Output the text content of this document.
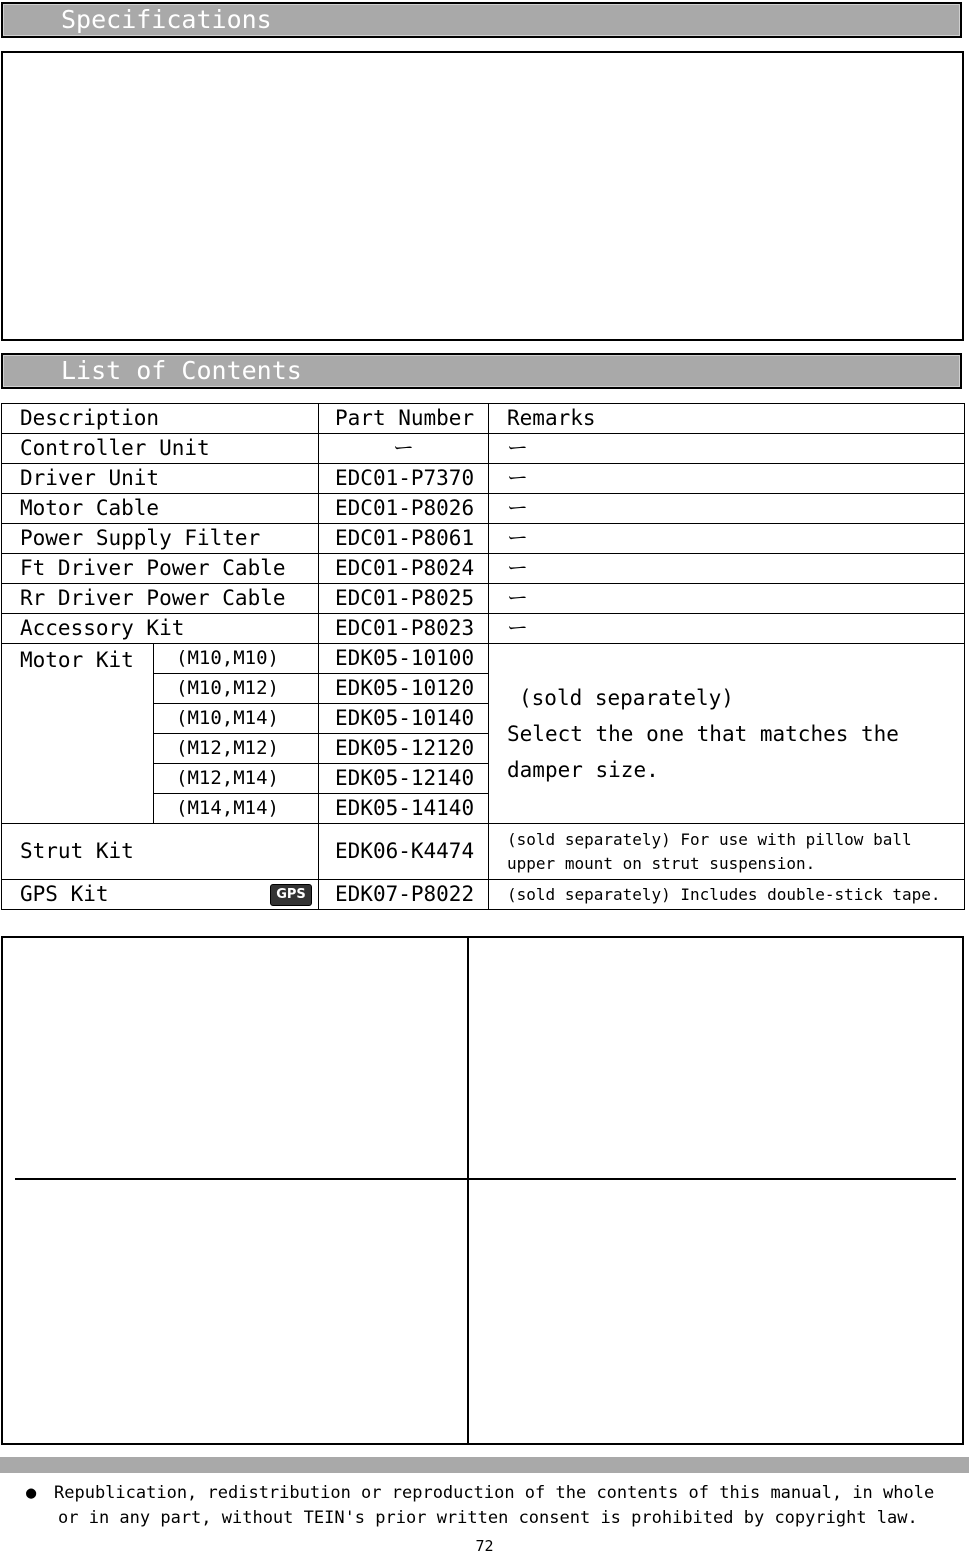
Specifications
List of Contents
Description		Part Number	Remarks
Controller Unit		ー	ー
Driver Unit		EDC01-P7370	ー
Motor Cable		EDC01-P8026	ー
Power Supply Filter		EDC01-P8061	ー
Ft Driver Power Cable		EDC01-P8024	ー
Rr Driver Power Cable		EDC01-P8025	ー
Accessory Kit		EDC01-P8023	ー
Motor Kit	(M10,M10)	EDK05-10100	(sold separately)
Select the one that matches the damper size.

	(M10,M12)	EDK05-10120	
	(M10,M14)	EDK05-10140	
	(M12,M12)	EDK05-12120	
	(M12,M14)	EDK05-12140	
	(M14,M14)	EDK05-14140	
Strut Kit		EDK06-K4474	(sold separately) For use with pillow ball upper mount on strut suspension.
GPS Kit GPS		EDK07-P8022	(sold separately) Includes double-stick tape.
● Republication, redistribution or reproduction of the contents of this manual, in whole
or in any part, without TEIN's prior written consent is prohibited by copyright law.
72
